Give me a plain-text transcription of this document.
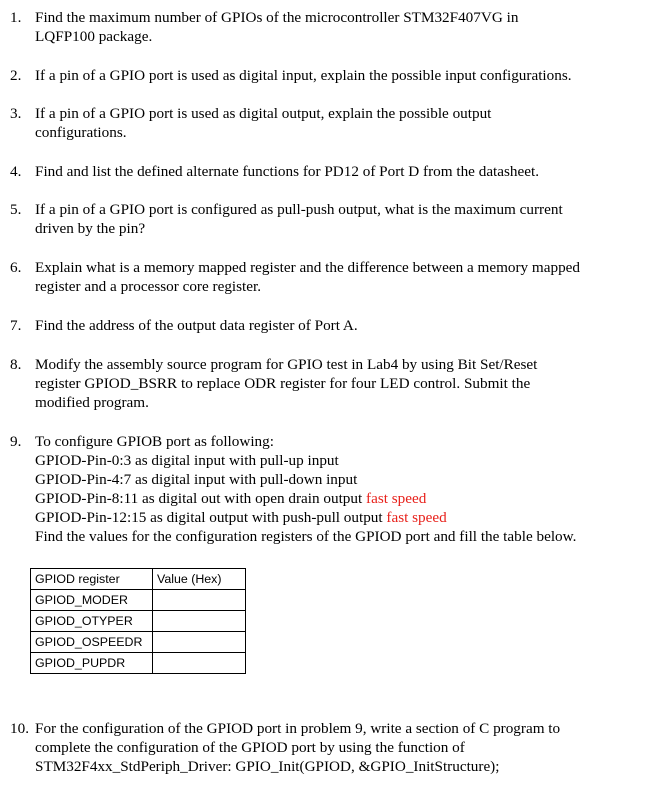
1. Find the maximum number of GPIOs of the microcontroller STM32F407VG in
LQFP100 package.
2. If a pin of a GPIO port is used as digital input, explain the possible input configurations.
3. If a pin of a GPIO port is used as digital output, explain the possible output
configurations.
4. Find and list the defined alternate functions for PD12 of Port D from the datasheet.
5. If a pin of a GPIO port is configured as pull-push output, what is the maximum current
driven by the pin?
6. Explain what is a memory mapped register and the difference between a memory mapped
register and a processor core register.
7. Find the address of the output data register of Port A.
8. Modify the assembly source program for GPIO test in Lab4 by using Bit Set/Reset
register GPIOD_BSRR to replace ODR register for four LED control. Submit the
modified program.
9. To configure GPIOB port as following:
GPIOD-Pin-0:3 as digital input with pull-up input
GPIOD-Pin-4:7 as digital input with pull-down input
GPIOD-Pin-8:11 as digital out with open drain output fast speed
GPIOD-Pin-12:15 as digital output with push-pull output fast speed
Find the values for the configuration registers of the GPIOD port and fill the table below.
GPIOD register	Value (Hex)
GPIOD_MODER	
GPIOD_OTYPER	
GPIOD_OSPEEDR	
GPIOD_PUPDR	
10. For the configuration of the GPIOD port in problem 9, write a section of C program to
complete the configuration of the GPIOD port by using the function of
STM32F4xx_StdPeriph_Driver: GPIO_Init(GPIOD, &GPIO_InitStructure);
